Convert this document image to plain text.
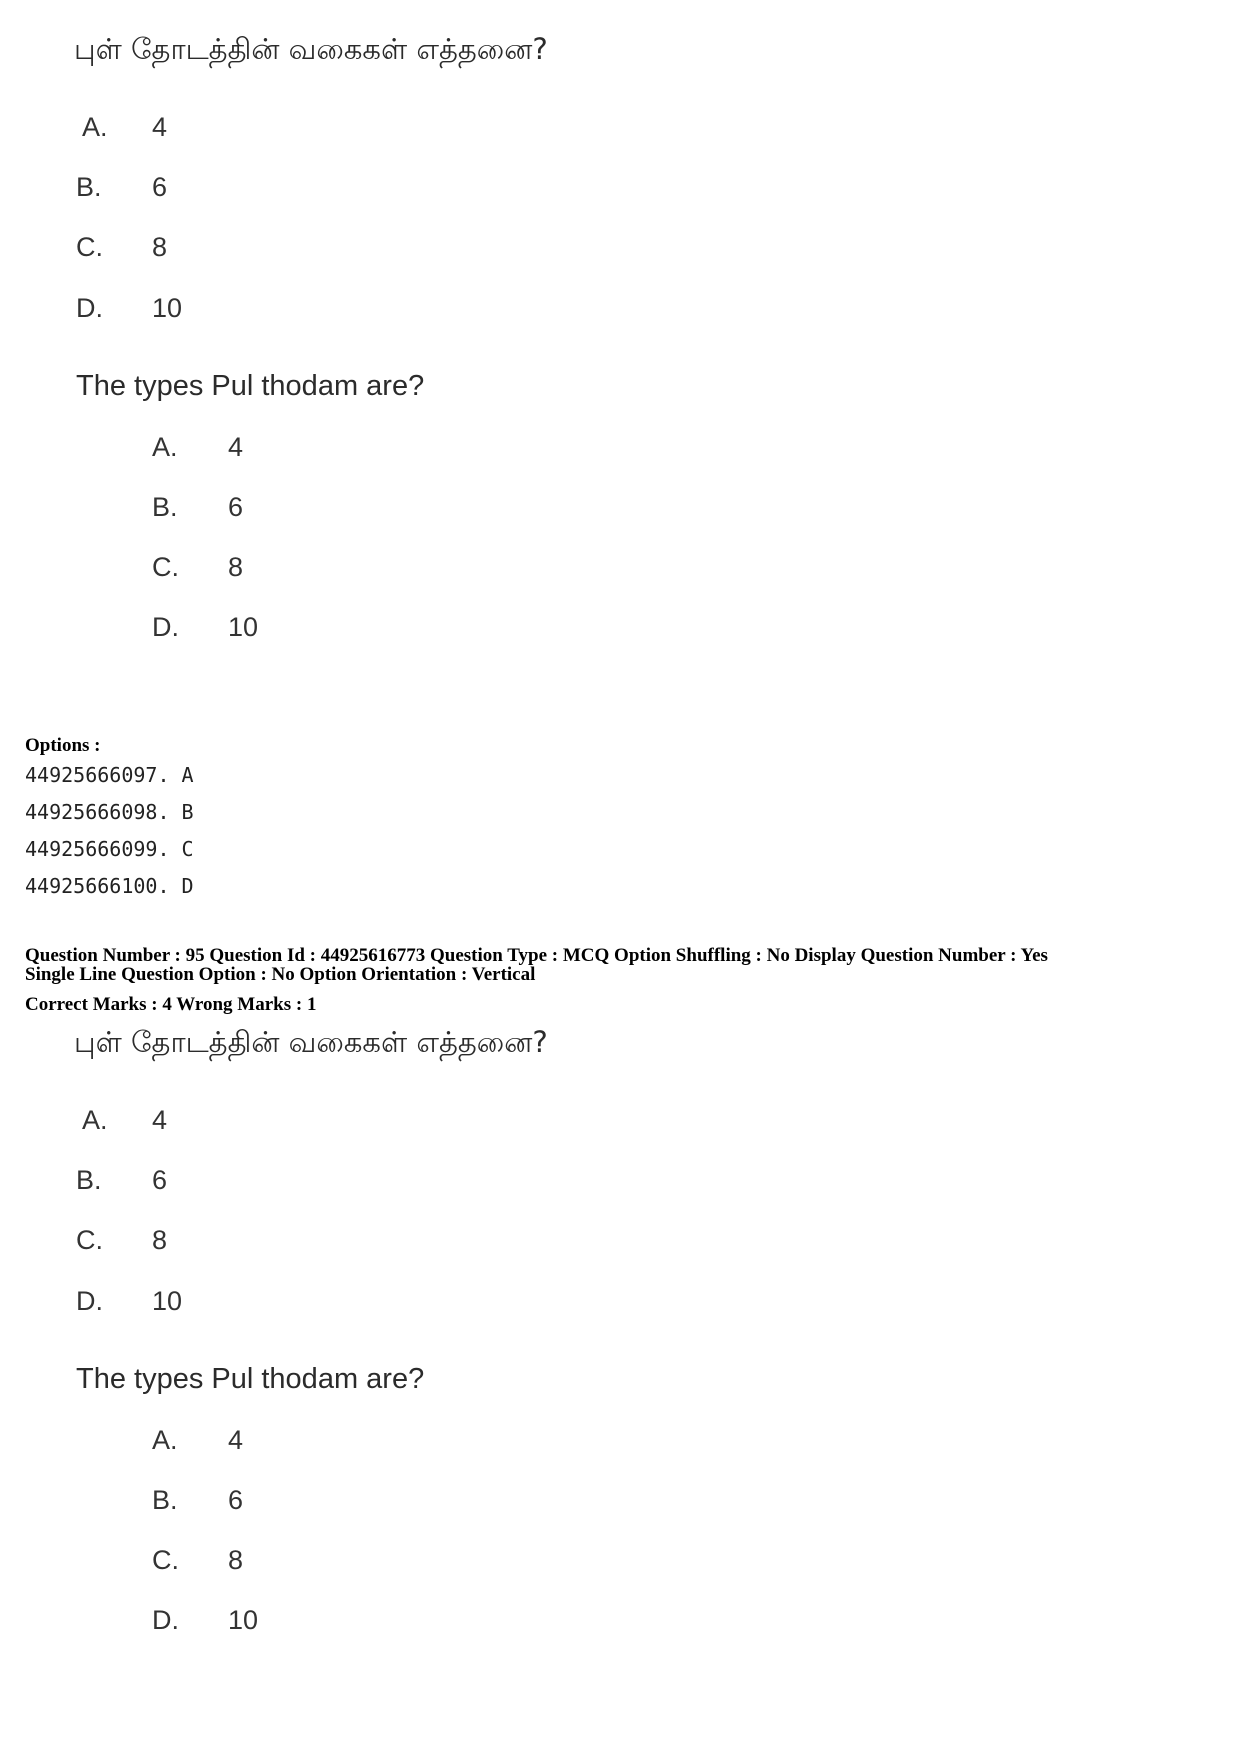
புள் தோடத்தின் வகைகள் எத்தனை?
A. 4
B. 6
C. 8
D. 10
The types Pul thodam are?
A. 4
B. 6
C. 8
D. 10
Options :
44925666097. A
44925666098. B
44925666099. C
44925666100. D
Question Number : 95 Question Id : 44925616773 Question Type : MCQ Option Shuffling : No Display Question Number : Yes
Single Line Question Option : No Option Orientation : Vertical
Correct Marks : 4 Wrong Marks : 1
புள் தோடத்தின் வகைகள் எத்தனை?
A. 4
B. 6
C. 8
D. 10
The types Pul thodam are?
A. 4
B. 6
C. 8
D. 10
